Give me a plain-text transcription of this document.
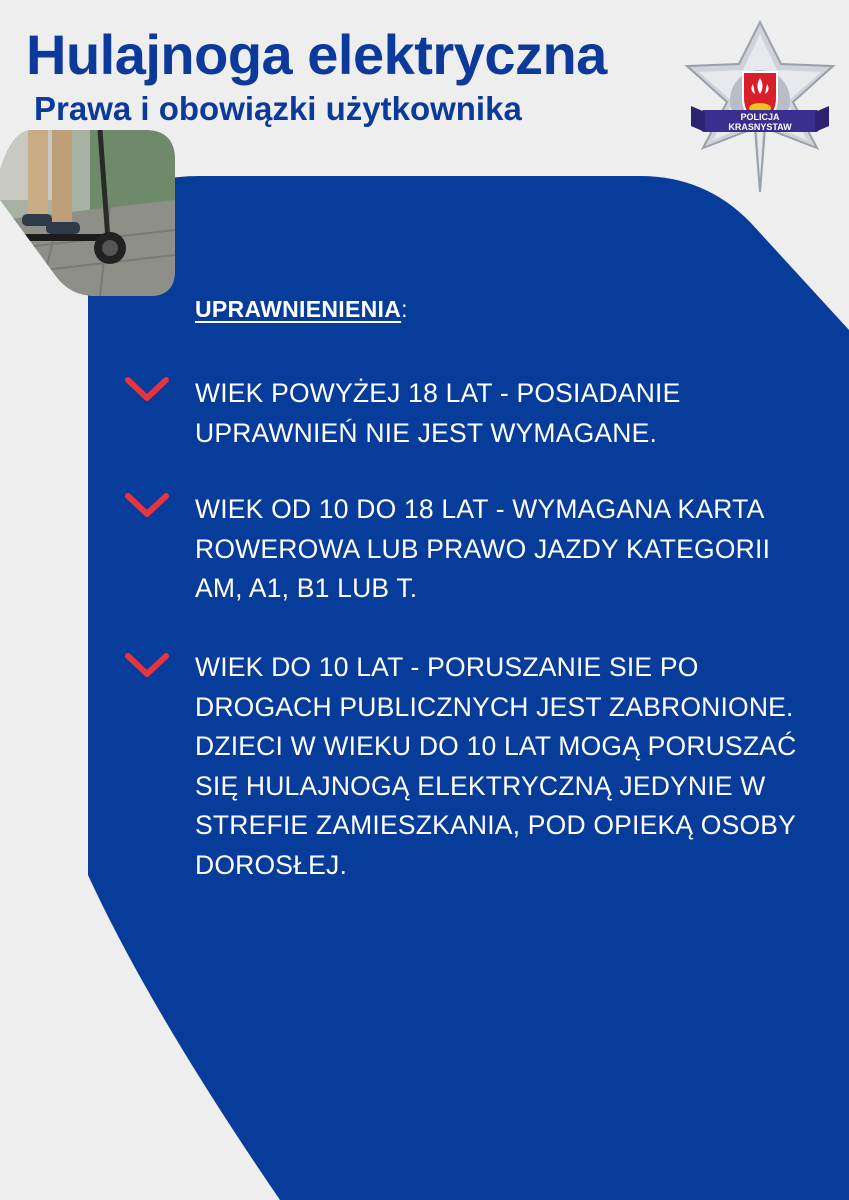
Hulajnoga elektryczna
Prawa i obowiązki użytkownika	POLICJA
KRASNYSTAW

UPRAWNIENIENIA:

WIEK POWYŻEJ 18 LAT - POSIADANIE UPRAWNIEŃ NIE JEST WYMAGANE.

WIEK OD 10 DO 18 LAT - WYMAGANA KARTA ROWEROWA LUB PRAWO JAZDY KATEGORII AM, A1, B1 LUB T.

WIEK DO 10 LAT - PORUSZANIE SIE PO DROGACH PUBLICZNYCH JEST ZABRONIONE. DZIECI W WIEKU DO 10 LAT MOGĄ PORUSZAĆ SIĘ HULAJNOGĄ ELEKTRYCZNĄ JEDYNIE W STREFIE ZAMIESZKANIA, POD OPIEKĄ OSOBY DOROSŁEJ.
